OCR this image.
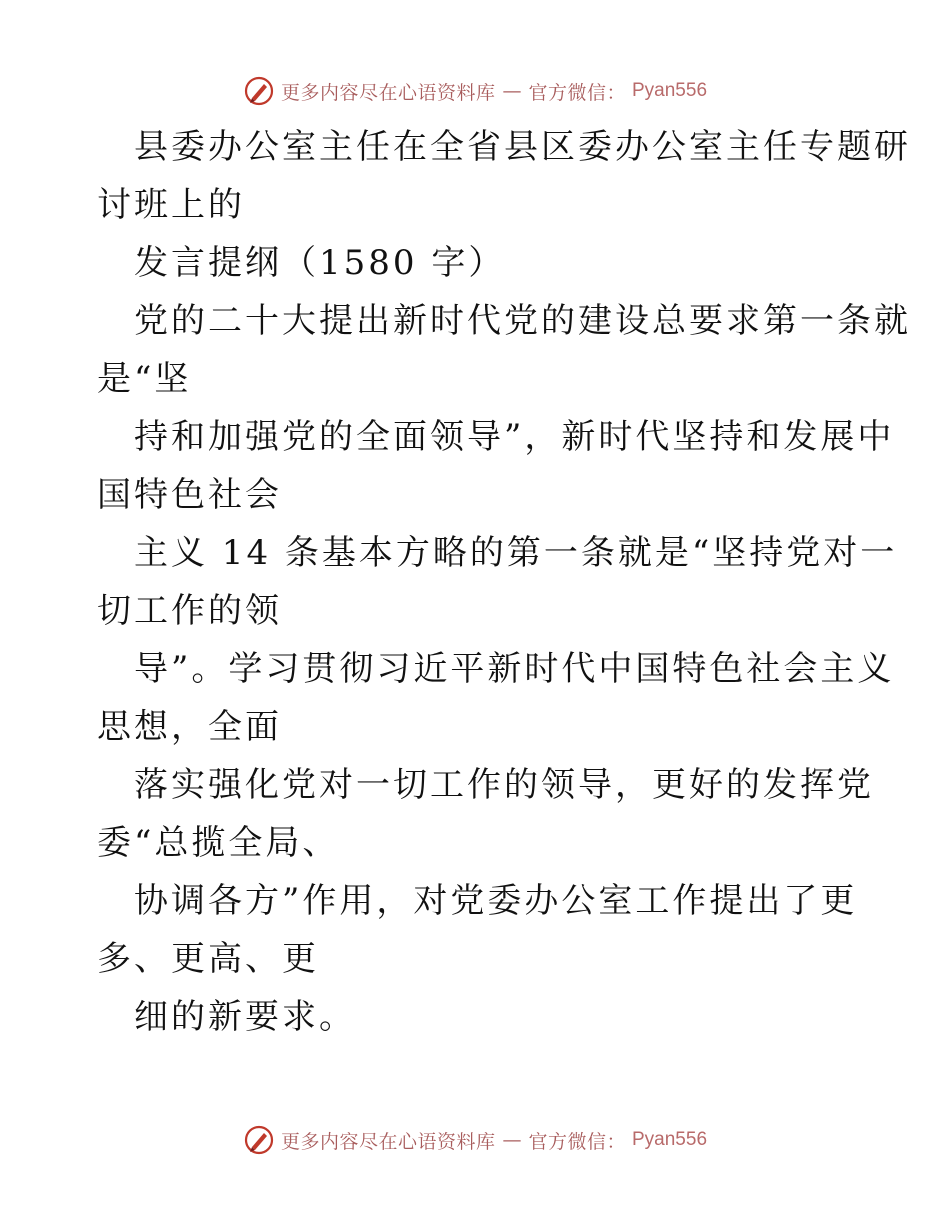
更多内容尽在心语资料库 — 官方微信： Pyan556
县委办公室主任在全省县区委办公室主任专题研
讨班上的
发言提纲（1580 字）
党的二十大提出新时代党的建设总要求第一条就
是“坚
持和加强党的全面领导”，新时代坚持和发展中
国特色社会
主义 14 条基本方略的第一条就是“坚持党对一
切工作的领
导”。学习贯彻习近平新时代中国特色社会主义
思想，全面
落实强化党对一切工作的领导，更好的发挥党
委“总揽全局、
协调各方”作用，对党委办公室工作提出了更
多、更高、更
细的新要求。
更多内容尽在心语资料库 — 官方微信： Pyan556
